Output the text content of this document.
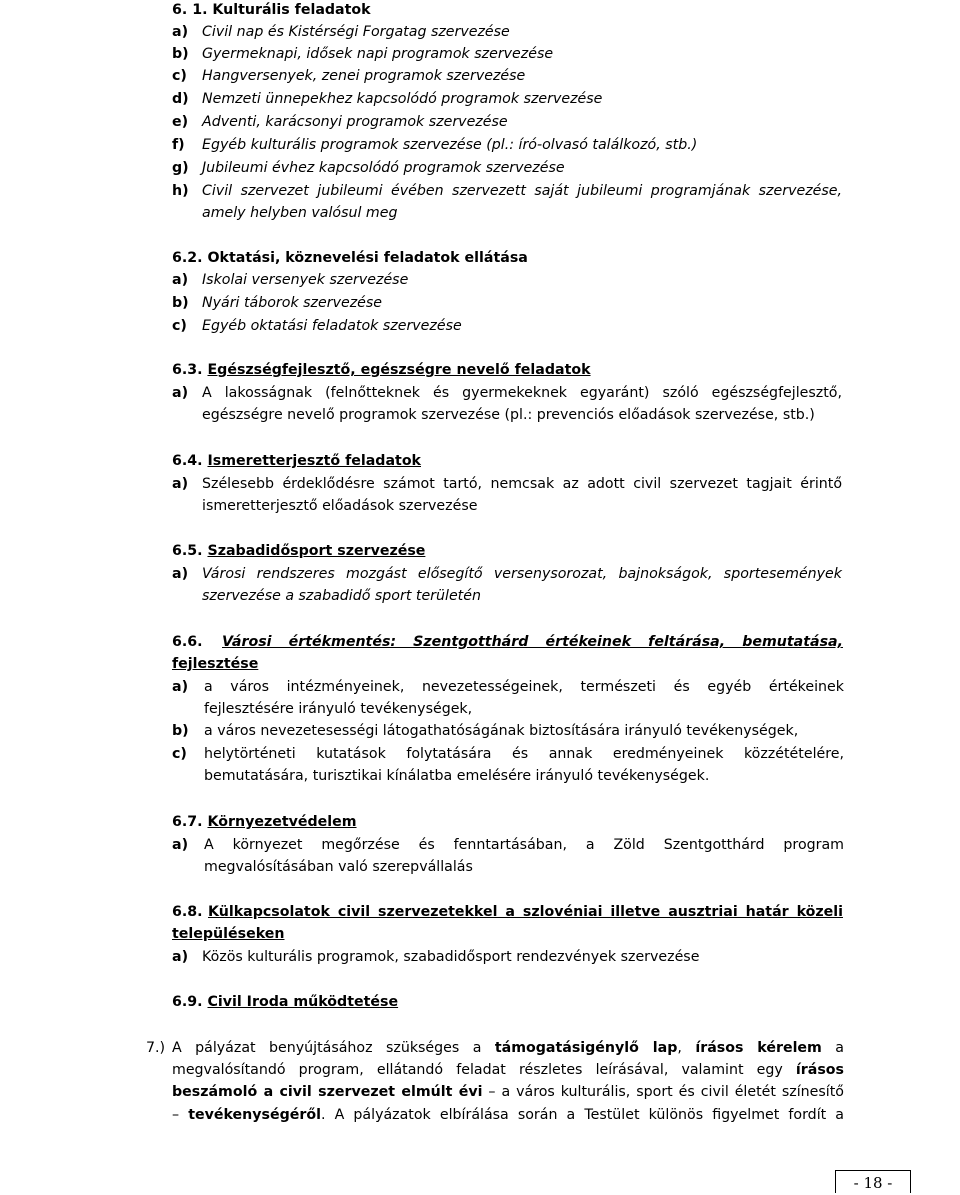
6. 1. Kulturális feladatok
a) Civil nap és Kistérségi Forgatag szervezése
b) Gyermeknapi, idősek napi programok szervezése
c) Hangversenyek, zenei programok szervezése
d) Nemzeti ünnepekhez kapcsolódó programok szervezése
e) Adventi, karácsonyi programok szervezése
f) Egyéb kulturális programok szervezése (pl.: író-olvasó találkozó, stb.)
g) Jubileumi évhez kapcsolódó programok szervezése
h) Civil szervezet jubileumi évében szervezett saját jubileumi programjának szervezése,
amely helyben valósul meg
6.2. Oktatási, köznevelési feladatok ellátása
a) Iskolai versenyek szervezése
b) Nyári táborok szervezése
c) Egyéb oktatási feladatok szervezése
6.3. Egészségfejlesztő, egészségre nevelő feladatok
a) A lakosságnak (felnőtteknek és gyermekeknek egyaránt) szóló egészségfejlesztő,
egészségre nevelő programok szervezése (pl.: prevenciós előadások szervezése, stb.)
6.4. Ismeretterjesztő feladatok
a) Szélesebb érdeklődésre számot tartó, nemcsak az adott civil szervezet tagjait érintő
ismeretterjesztő előadások szervezése
6.5. Szabadidősport szervezése
a) Városi rendszeres mozgást elősegítő versenysorozat, bajnokságok, sportesemények
szervezése a szabadidő sport területén
6.6. Városi értékmentés: Szentgotthárd értékeinek feltárása, bemutatása,
fejlesztése
a) a város intézményeinek, nevezetességeinek, természeti és egyéb értékeinek
fejlesztésére irányuló tevékenységek,
b) a város nevezetesességi látogathatóságának biztosítására irányuló tevékenységek,
c) helytörténeti kutatások folytatására és annak eredményeinek közzétételére,
bemutatására, turisztikai kínálatba emelésére irányuló tevékenységek.
6.7. Környezetvédelem
a) A környezet megőrzése és fenntartásában, a Zöld Szentgotthárd program
megvalósításában való szerepvállalás
6.8. Külkapcsolatok civil szervezetekkel a szlovéniai illetve ausztriai határ közeli
településeken
a) Közös kulturális programok, szabadidősport rendezvények szervezése
6.9. Civil Iroda működtetése
7.) A pályázat benyújtásához szükséges a támogatásigénylő lap, írásos kérelem a
megvalósítandó program, ellátandó feladat részletes leírásával, valamint egy írásos
beszámoló a civil szervezet elmúlt évi – a város kulturális, sport és civil életét színesítő
– tevékenységéről. A pályázatok elbírálása során a Testület különös figyelmet fordít a
- 18 -
